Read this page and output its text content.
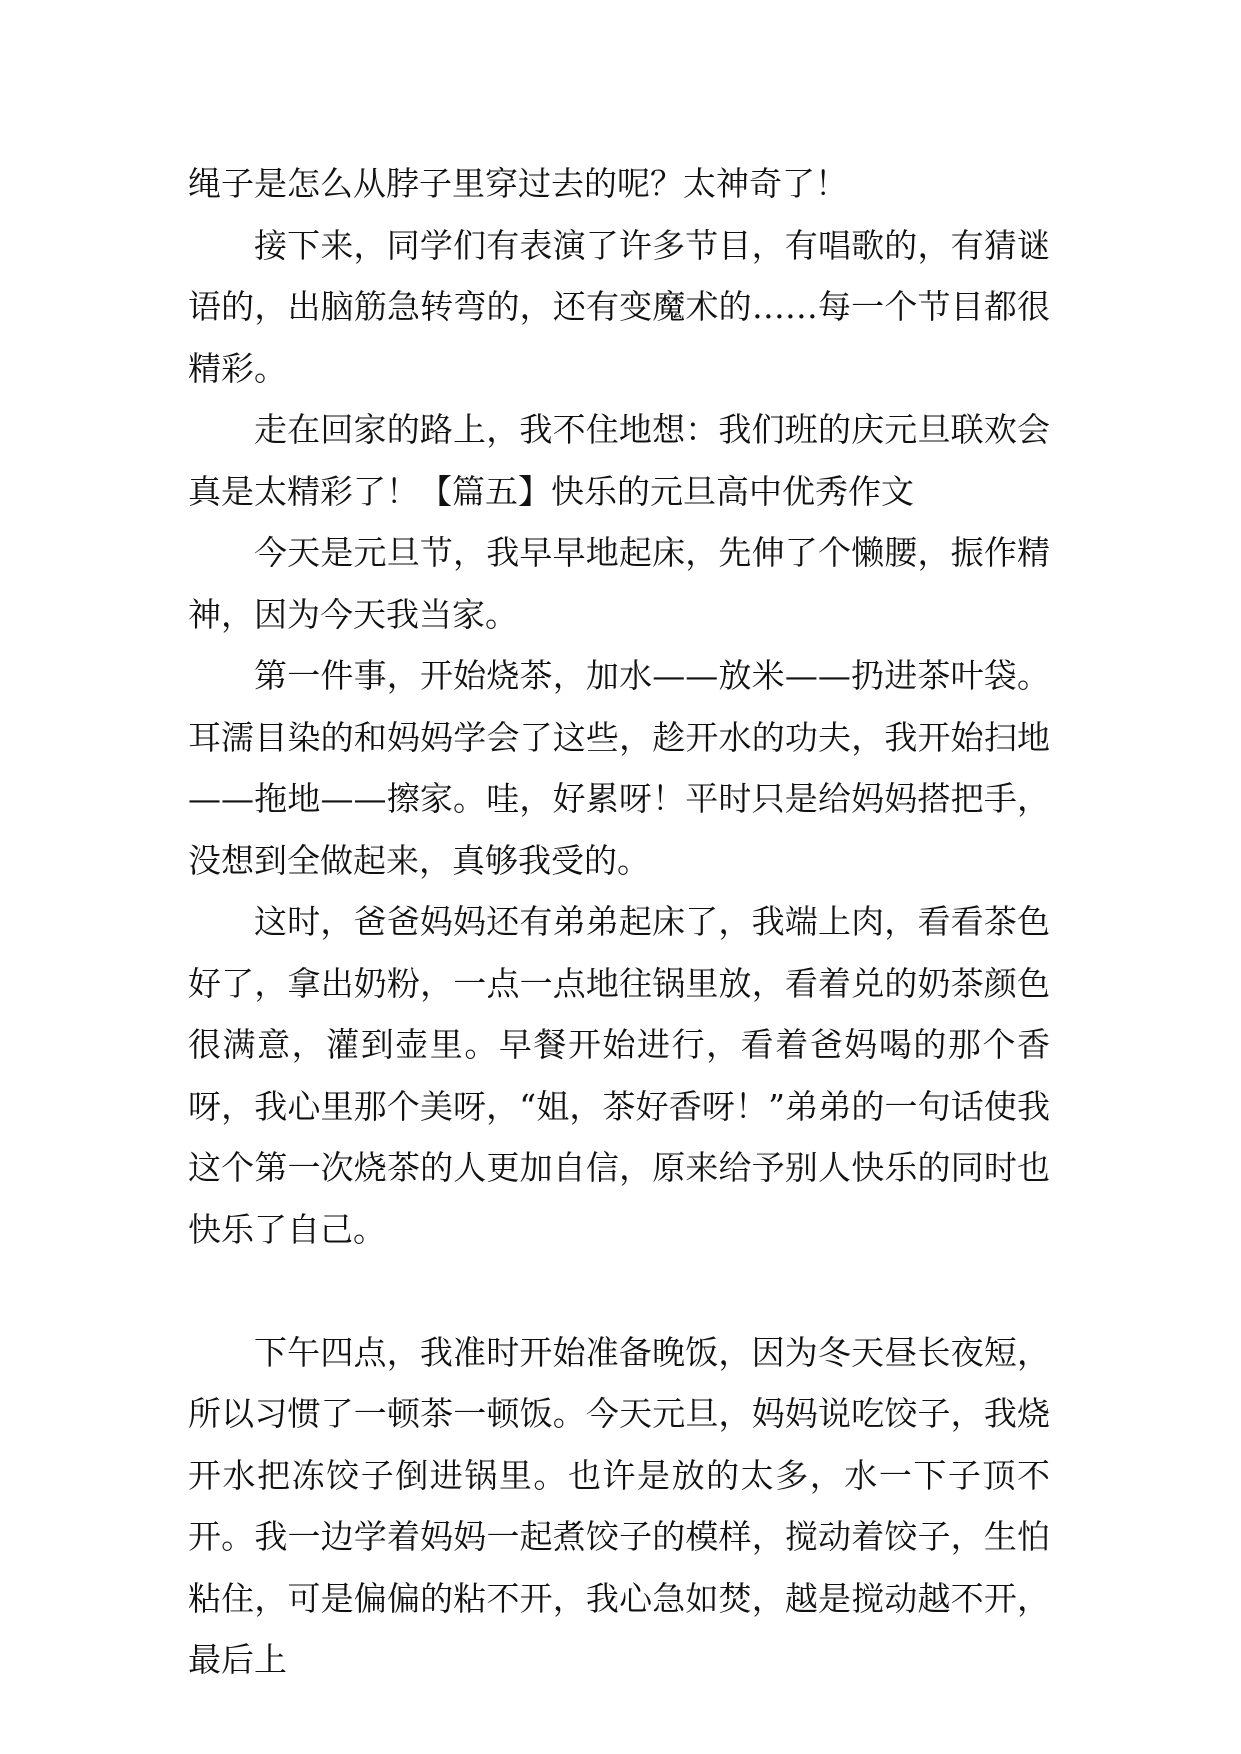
绳子是怎么从脖子里穿过去的呢？太神奇了！

接下来，同学们有表演了许多节目，有唱歌的，有猜谜语的，出脑筋急转弯的，还有变魔术的……每一个节目都很精彩。

走在回家的路上，我不住地想：我们班的庆元旦联欢会真是太精彩了！【篇五】快乐的元旦高中优秀作文

今天是元旦节，我早早地起床，先伸了个懒腰，振作精神，因为今天我当家。

第一件事，开始烧茶，加水——放米——扔进茶叶袋。耳濡目染的和妈妈学会了这些，趁开水的功夫，我开始扫地——拖地——擦家。哇，好累呀！平时只是给妈妈搭把手，没想到全做起来，真够我受的。

这时，爸爸妈妈还有弟弟起床了，我端上肉，看看茶色好了，拿出奶粉，一点一点地往锅里放，看着兑的奶茶颜色很满意，灌到壶里。早餐开始进行，看着爸妈喝的那个香呀，我心里那个美呀，“姐，茶好香呀！”弟弟的一句话使我这个第一次烧茶的人更加自信，原来给予别人快乐的同时也快乐了自己。

下午四点，我准时开始准备晚饭，因为冬天昼长夜短，所以习惯了一顿茶一顿饭。今天元旦，妈妈说吃饺子，我烧开水把冻饺子倒进锅里。也许是放的太多，水一下子顶不开。我一边学着妈妈一起煮饺子的模样，搅动着饺子，生怕粘住，可是偏偏的粘不开，我心急如焚，越是搅动越不开，最后上
